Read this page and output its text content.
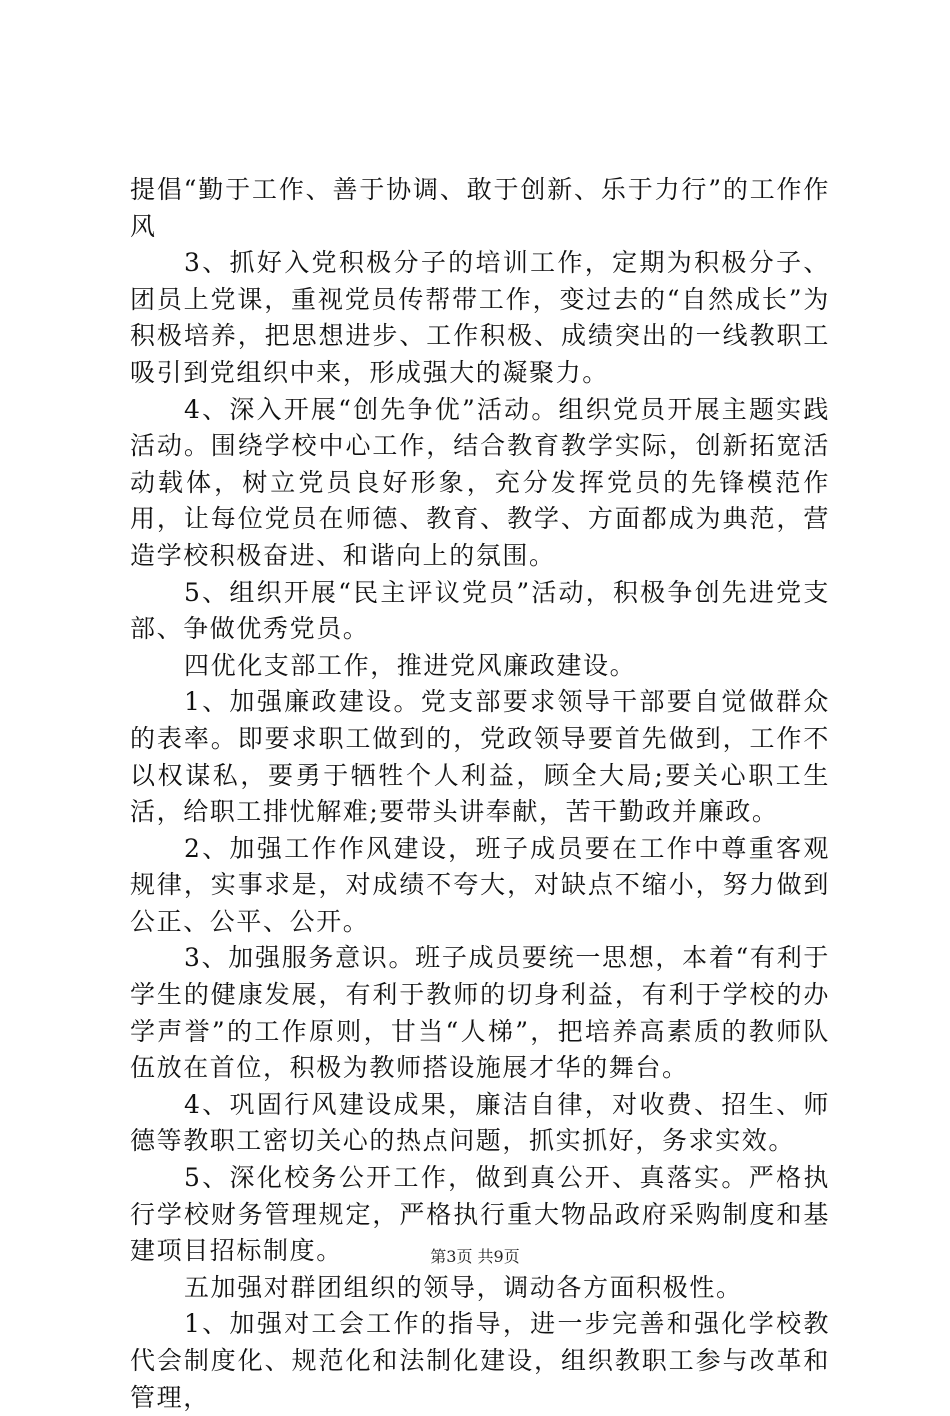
提倡“勤于工作、善于协调、敢于创新、乐于力行”的工作作风

3、抓好入党积极分子的培训工作，定期为积极分子、团员上党课，重视党员传帮带工作，变过去的“自然成长”为积极培养，把思想进步、工作积极、成绩突出的一线教职工吸引到党组织中来，形成强大的凝聚力。

4、深入开展“创先争优”活动。组织党员开展主题实践活动。围绕学校中心工作，结合教育教学实际，创新拓宽活动载体，树立党员良好形象，充分发挥党员的先锋模范作用，让每位党员在师德、教育、教学、方面都成为典范，营造学校积极奋进、和谐向上的氛围。

5、组织开展“民主评议党员”活动，积极争创先进党支部、争做优秀党员。

四优化支部工作，推进党风廉政建设。

1、加强廉政建设。党支部要求领导干部要自觉做群众的表率。即要求职工做到的，党政领导要首先做到，工作不以权谋私，要勇于牺牲个人利益，顾全大局;要关心职工生活，给职工排忧解难;要带头讲奉献，苦干勤政并廉政。

2、加强工作作风建设，班子成员要在工作中尊重客观规律，实事求是，对成绩不夸大，对缺点不缩小，努力做到公正、公平、公开。

3、加强服务意识。班子成员要统一思想，本着“有利于学生的健康发展，有利于教师的切身利益，有利于学校的办学声誉”的工作原则，甘当“人梯”，把培养高素质的教师队伍放在首位，积极为教师搭设施展才华的舞台。

4、巩固行风建设成果，廉洁自律，对收费、招生、师德等教职工密切关心的热点问题，抓实抓好，务求实效。

5、深化校务公开工作，做到真公开、真落实。严格执行学校财务管理规定，严格执行重大物品政府采购制度和基建项目招标制度。

五加强对群团组织的领导，调动各方面积极性。

1、加强对工会工作的指导，进一步完善和强化学校教代会制度化、规范化和法制化建设，组织教职工参与改革和管理，

第3页 共9页
